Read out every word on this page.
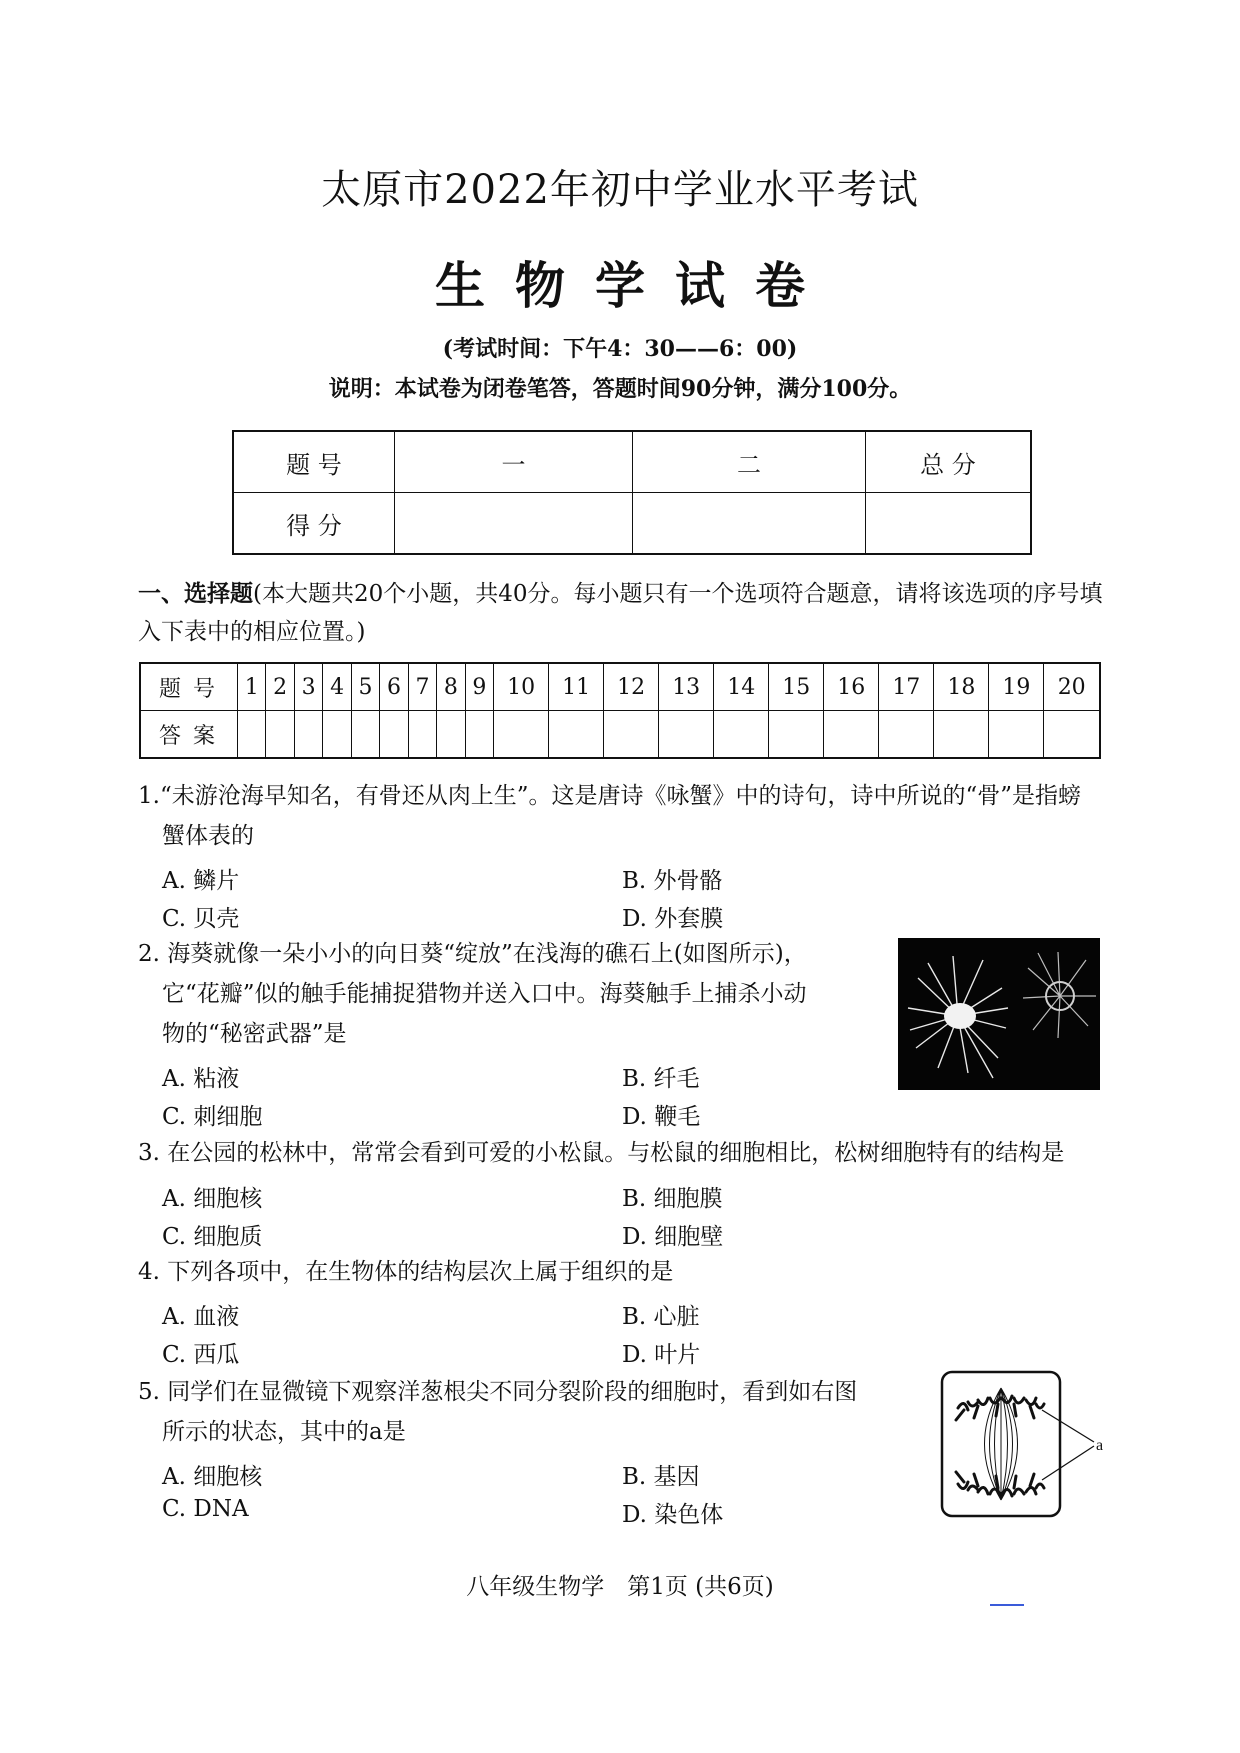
太原市2022年初中学业水平考试
生物学试卷
(考试时间：下午4：30——6：00)
说明：本试卷为闭卷笔答，答题时间90分钟，满分100分。
题 号	一	二	总 分
得 分			
一、选择题(本大题共20个小题，共40分。每小题只有一个选项符合题意，请将该选项的序号填入下表中的相应位置。)
题号	1	2	3	4	5	6	7	8	9	10	11	12	13	14	15	16	17	18	19	20
答案																				
1.“未游沧海早知名，有骨还从肉上生”。这是唐诗《咏蟹》中的诗句，诗中所说的“骨”是指螃
蟹体表的
A. 鳞片	B. 外骨骼
C. 贝壳	D. 外套膜
2. 海葵就像一朵小小的向日葵“绽放”在浅海的礁石上(如图所示)，
它“花瓣”似的触手能捕捉猎物并送入口中。海葵触手上捕杀小动
物的“秘密武器”是
A. 粘液	B. 纤毛
C. 刺细胞	D. 鞭毛
3. 在公园的松林中，常常会看到可爱的小松鼠。与松鼠的细胞相比，松树细胞特有的结构是
A. 细胞核	B. 细胞膜
C. 细胞质	D. 细胞壁
4. 下列各项中，在生物体的结构层次上属于组织的是
A. 血液	B. 心脏
C. 西瓜	D. 叶片
5. 同学们在显微镜下观察洋葱根尖不同分裂阶段的细胞时，看到如右图
所示的状态，其中的a是
A. 细胞核	B. 基因
C. DNA	D. 染色体
a
八年级生物学　第1页 (共6页)
